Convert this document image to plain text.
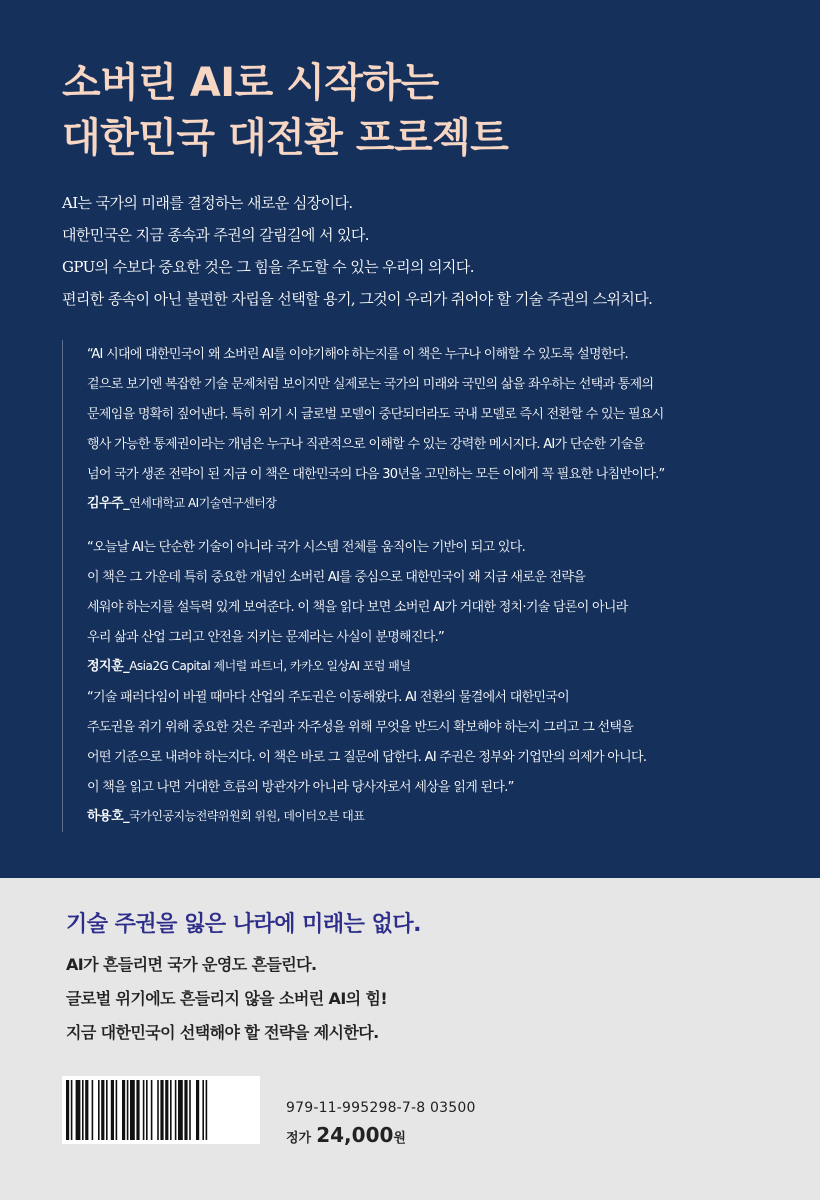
소버린 AI로 시작하는
대한민국 대전환 프로젝트
AI는 국가의 미래를 결정하는 새로운 심장이다.
대한민국은 지금 종속과 주권의 갈림길에 서 있다.
GPU의 수보다 중요한 것은 그 힘을 주도할 수 있는 우리의 의지다.
편리한 종속이 아닌 불편한 자립을 선택할 용기, 그것이 우리가 쥐어야 할 기술 주권의 스위치다.
“AI 시대에 대한민국이 왜 소버린 AI를 이야기해야 하는지를 이 책은 누구나 이해할 수 있도록 설명한다.
겉으로 보기엔 복잡한 기술 문제처럼 보이지만 실제로는 국가의 미래와 국민의 삶을 좌우하는 선택과 통제의
문제임을 명확히 짚어낸다. 특히 위기 시 글로벌 모델이 중단되더라도 국내 모델로 즉시 전환할 수 있는 필요시
행사 가능한 통제권이라는 개념은 누구나 직관적으로 이해할 수 있는 강력한 메시지다. AI가 단순한 기술을
넘어 국가 생존 전략이 된 지금 이 책은 대한민국의 다음 30년을 고민하는 모든 이에게 꼭 필요한 나침반이다.”
김우주_연세대학교 AI기술연구센터장
“오늘날 AI는 단순한 기술이 아니라 국가 시스템 전체를 움직이는 기반이 되고 있다.
이 책은 그 가운데 특히 중요한 개념인 소버린 AI를 중심으로 대한민국이 왜 지금 새로운 전략을
세워야 하는지를 설득력 있게 보여준다. 이 책을 읽다 보면 소버린 AI가 거대한 정치·기술 담론이 아니라
우리 삶과 산업 그리고 안전을 지키는 문제라는 사실이 분명해진다.”
정지훈_Asia2G Capital 제너럴 파트너, 카카오 일상AI 포럼 패널
“기술 패러다임이 바뀔 때마다 산업의 주도권은 이동해왔다. AI 전환의 물결에서 대한민국이
주도권을 쥐기 위해 중요한 것은 주권과 자주성을 위해 무엇을 반드시 확보해야 하는지 그리고 그 선택을
어떤 기준으로 내려야 하는지다. 이 책은 바로 그 질문에 답한다. AI 주권은 정부와 기업만의 의제가 아니다.
이 책을 읽고 나면 거대한 흐름의 방관자가 아니라 당사자로서 세상을 읽게 된다.”
하용호_국가인공지능전략위원회 위원, 데이터오븐 대표
기술 주권을 잃은 나라에 미래는 없다.
AI가 흔들리면 국가 운영도 흔들린다.
글로벌 위기에도 흔들리지 않을 소버린 AI의 힘!
지금 대한민국이 선택해야 할 전략을 제시한다.
979-11-995298-7-8 03500
정가 24,000원
